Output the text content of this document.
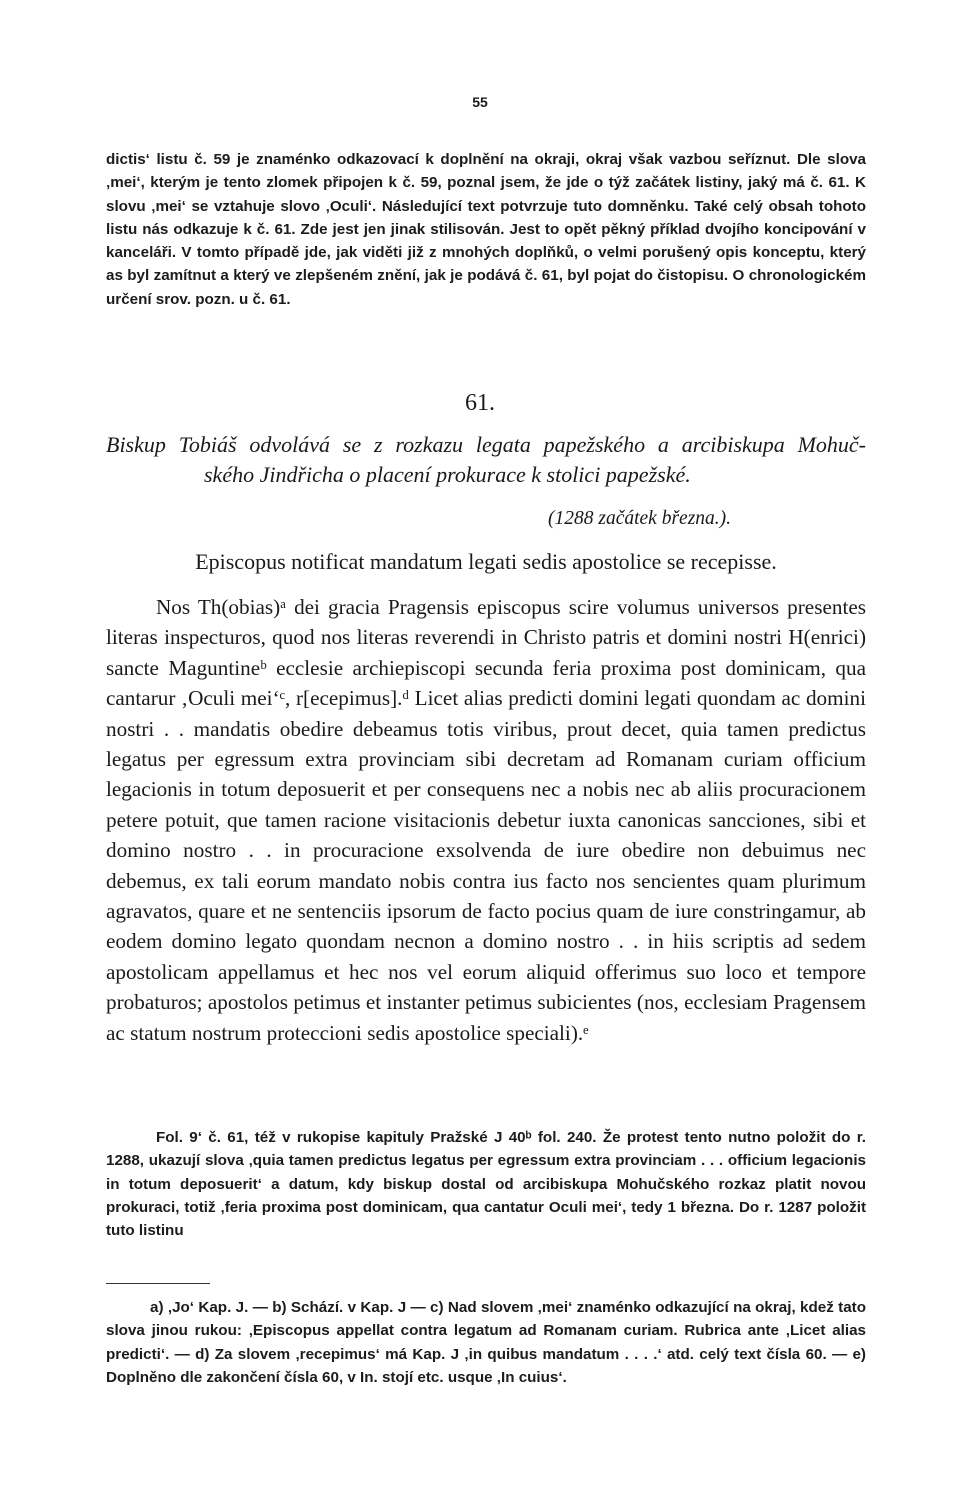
55

dictis‘ listu č. 59 je znaménko odkazovací k doplnění na okraji, okraj však vazbou seříznut. Dle slova ‚mei‘, kterým je tento zlomek připojen k č. 59, poznal jsem, že jde o týž začátek listiny, jaký má č. 61. K slovu ‚mei‘ se vztahuje slovo ‚Oculi‘. Následující text potvrzuje tuto domněnku. Také celý obsah tohoto listu nás odkazuje k č. 61. Zde jest jen jinak stilisován. Jest to opět pěkný příklad dvojího koncipování v kanceláři. V tomto případě jde, jak viděti již z mnohých doplňků, o velmi porušený opis konceptu, který as byl zamítnut a který ve zlepšeném znění, jak je podává č. 61, byl pojat do čistopisu. O chronologickém určení srov. pozn. u č. 61.

61.
Biskup Tobiáš odvolává se z rozkazu legata papežského a arcibiskupa Mohuč-
ského Jindřicha o placení prokurace k stolici papežské.
(1288 začátek března.).
Episcopus notificat mandatum legati sedis apostolice se recepisse.

Nos Th(obias)ᵃ dei gracia Pragensis episcopus scire volumus universos presentes literas inspecturos, quod nos literas reverendi in Christo patris et domini nostri H(enrici) sancte Maguntineᵇ ecclesie archiepiscopi secunda feria proxima post dominicam, qua cantarur ‚Oculi mei‘ᶜ, r[ecepimus].ᵈ Licet alias predicti domini legati quondam ac domini nostri . . mandatis obedire debeamus totis viribus, prout decet, quia tamen predictus legatus per egressum extra provinciam sibi decretam ad Romanam curiam officium legacionis in totum deposuerit et per consequens nec a nobis nec ab aliis procuracionem petere potuit, que tamen racione visitacionis debetur iuxta canonicas sancciones, sibi et domino nostro . . in procuracione exsolvenda de iure obedire non debuimus nec debemus, ex tali eorum mandato nobis contra ius facto nos sencientes quam plurimum agravatos, quare et ne sentenciis ipsorum de facto pocius quam de iure constringamur, ab eodem domino legato quondam necnon a domino nostro . . in hiis scriptis ad sedem apostolicam appellamus et hec nos vel eorum aliquid offerimus suo loco et tempore probaturos; apostolos petimus et instanter petimus subicientes (nos, ecclesiam Pragensem ac statum nostrum proteccioni sedis apostolice speciali).ᵉ

Fol. 9‘ č. 61, též v rukopise kapituly Pražské J 40ᵇ fol. 240. Že protest tento nutno položit do r. 1288, ukazují slova ‚quia tamen predictus legatus per egressum extra provinciam . . . officium legacionis in totum deposuerit‘ a datum, kdy biskup dostal od arcibiskupa Mohučského rozkaz platit novou prokuraci, totiž ‚feria proxima post dominicam, qua cantatur Oculi mei‘, tedy 1 března. Do r. 1287 položit tuto listinu

a) ‚Jo‘ Kap. J. — b) Schází. v Kap. J — c) Nad slovem ‚mei‘ znaménko odkazující na okraj, kdež tato slova jinou rukou: ‚Episcopus appellat contra legatum ad Romanam curiam. Rubrica ante ‚Licet alias predicti‘. — d) Za slovem ‚recepimus‘ má Kap. J ‚in quibus mandatum . . . .‘ atd. celý text čísla 60. — e) Doplněno dle zakončení čísla 60, v In. stojí etc. usque ‚In cuius‘.
